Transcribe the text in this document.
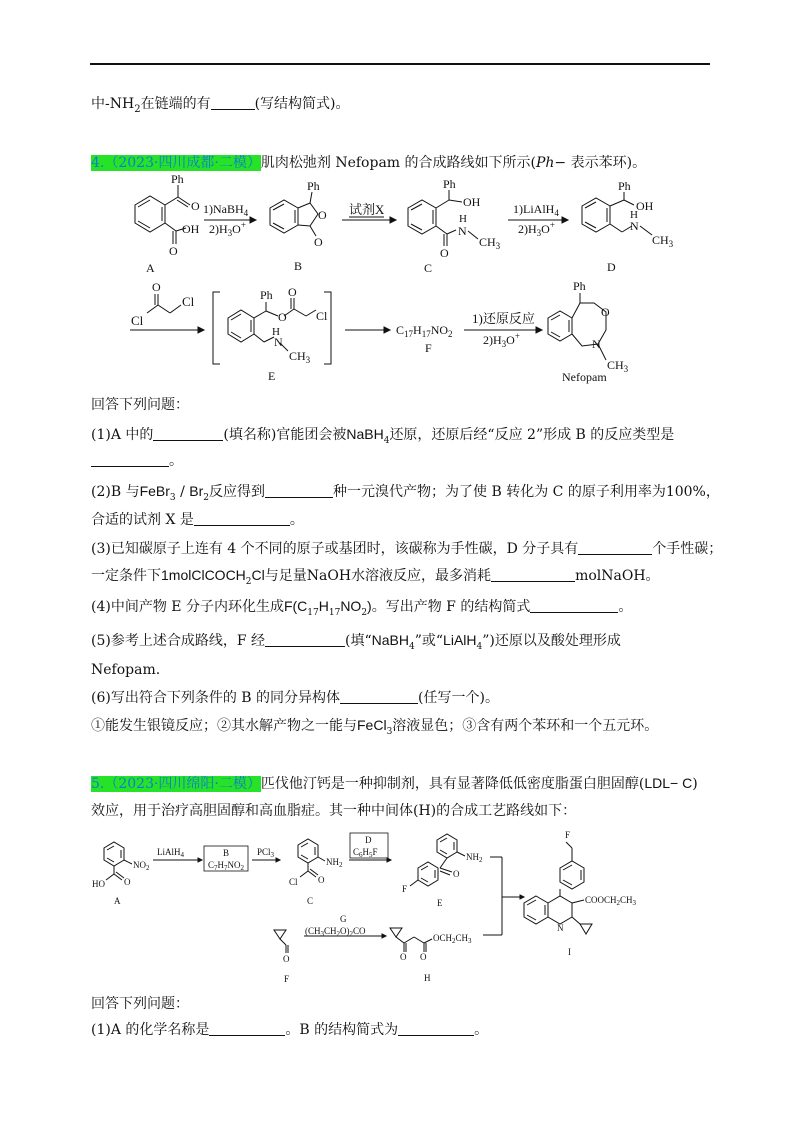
中$-NH_2$在链端的有	(写结构简式)。
4.（2023·四川成都·二模）肌肉松弛剂 Nefopam 的合成路线如下所示(Ph− 表示苯环)。
Ph
O
O
OH
A
1)NaBH$_4$
$2)H_3O^+$
Ph
O
O
B
试剂X
Ph
OH
H
N
$CH_3$
O
C
1)LiAlH$_4$
$2)H_3O^+$
Ph
OH
H
N
$CH_3$
D
O
Cl
Cl	Ph
O
O
Cl
H
N
$CH_3$
E
$C_{17}H_{17}NO_2$
F
1)还原反应
$2)H_3O^+$
Ph
O
N
$CH_3$
Nefopam
回答下列问题：
(1)A 中的	(填名称)官能团会被NaBH$_4$还原，还原后经“反应 2”形成 B 的反应类型是
。
(2)B 与FeBr$_3$ / $Br_2$反应得到	种一元溴代产物；为了使 B 转化为 C 的原子利用率为100%，
合适的试剂 X 是	。
(3)已知碳原子上连有 4 个不同的原子或基团时，该碳称为手性碳，D 分子具有	个手性碳；
一定条件下1molClCOCH$_2$Cl与足量NaOH水溶液反应，最多消耗	molNaOH。
(4)中间产物 E 分子内环化生成$F(C_{17}H_{17}NO_2)$。写出产物 F 的结构简式	。
(5)参考上述合成路线，F 经	(填“NaBH$_4$”或“LiAlH$_4$”)还原以及酸处理形成
Nefopam.
(6)写出符合下列条件的 B 的同分异构体	(任写一个)。
①能发生银镜反应；②其水解产物之一能与FeCl$_3$溶液显色；③含有两个苯环和一个五元环。
5.（2023·四川绵阳·二模）匹伐他汀钙是一种抑制剂，具有显著降低低密度脂蛋白胆固醇(LDL− C)
效应，用于治疗高胆固醇和高血脂症。其一种中间体(H)的合成工艺路线如下：
$NO_2$
HO O
A
LiAlH$_4$	B
$C_7H_7NO_2$
PCl$_3$
$NH_2$
Cl O
C
D
$C_6H_5F$	$NH_2$
O
F
E
O
F
G
$(CH_3CH_2O)_2CO$
O O
$OCH_2CH_3$
H
F
$COOCH_2CH_3$
N
I
回答下列问题：
(1)A 的化学名称是	。B 的结构简式为	。
